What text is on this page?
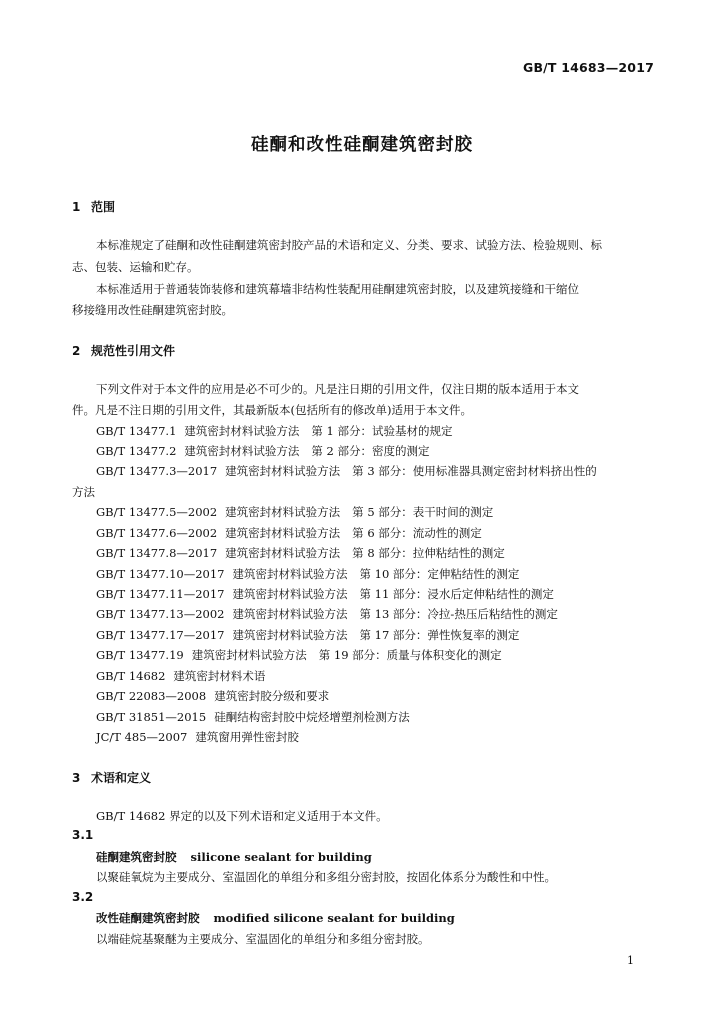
GB/T 14683—2017
硅酮和改性硅酮建筑密封胶
1 范围
本标准规定了硅酮和改性硅酮建筑密封胶产品的术语和定义、分类、要求、试验方法、检验规则、标
志、包装、运输和贮存。
本标准适用于普通装饰装修和建筑幕墙非结构性装配用硅酮建筑密封胶，以及建筑接缝和干缩位
移接缝用改性硅酮建筑密封胶。
2 规范性引用文件
下列文件对于本文件的应用是必不可少的。凡是注日期的引用文件，仅注日期的版本适用于本文
件。凡是不注日期的引用文件，其最新版本(包括所有的修改单)适用于本文件。
GB/T 13477.1 建筑密封材料试验方法 第 1 部分：试验基材的规定
GB/T 13477.2 建筑密封材料试验方法 第 2 部分：密度的测定
GB/T 13477.3—2017 建筑密封材料试验方法 第 3 部分：使用标准器具测定密封材料挤出性的
方法
GB/T 13477.5—2002 建筑密封材料试验方法 第 5 部分：表干时间的测定
GB/T 13477.6—2002 建筑密封材料试验方法 第 6 部分：流动性的测定
GB/T 13477.8—2017 建筑密封材料试验方法 第 8 部分：拉伸粘结性的测定
GB/T 13477.10—2017 建筑密封材料试验方法 第 10 部分：定伸粘结性的测定
GB/T 13477.11—2017 建筑密封材料试验方法 第 11 部分：浸水后定伸粘结性的测定
GB/T 13477.13—2002 建筑密封材料试验方法 第 13 部分：冷拉-热压后粘结性的测定
GB/T 13477.17—2017 建筑密封材料试验方法 第 17 部分：弹性恢复率的测定
GB/T 13477.19 建筑密封材料试验方法 第 19 部分：质量与体积变化的测定
GB/T 14682 建筑密封材料术语
GB/T 22083—2008 建筑密封胶分级和要求
GB/T 31851—2015 硅酮结构密封胶中烷烃增塑剂检测方法
JC/T 485—2007 建筑窗用弹性密封胶
3 术语和定义
GB/T 14682 界定的以及下列术语和定义适用于本文件。
3.1
硅酮建筑密封胶 silicone sealant for building
以聚硅氧烷为主要成分、室温固化的单组分和多组分密封胶，按固化体系分为酸性和中性。
3.2
改性硅酮建筑密封胶 modified silicone sealant for building
以端硅烷基聚醚为主要成分、室温固化的单组分和多组分密封胶。
1
